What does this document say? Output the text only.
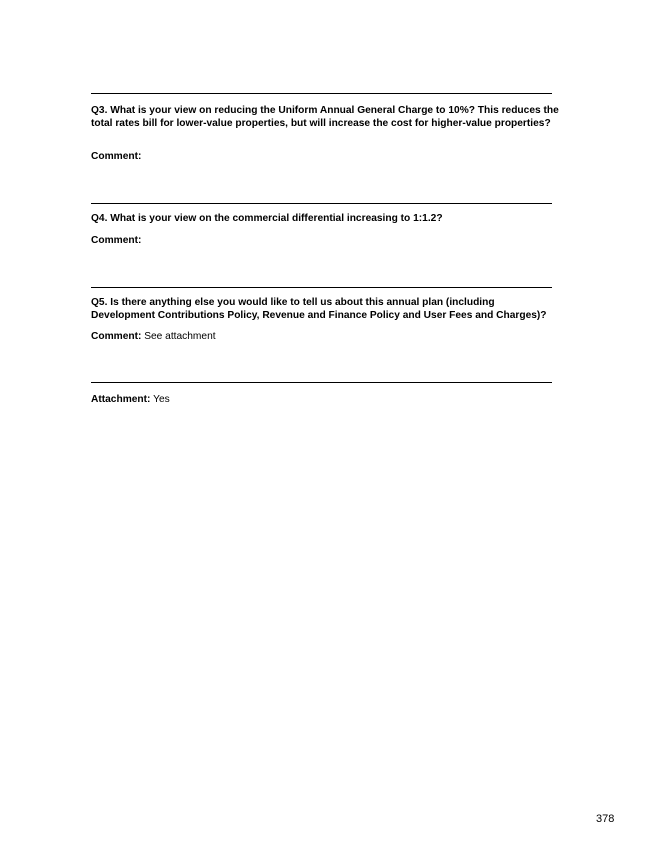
Q3. What is your view on reducing the Uniform Annual General Charge to 10%? This reduces the total rates bill for lower-value properties, but will increase the cost for higher-value properties?
Comment:
Q4. What is your view on the commercial differential increasing to 1:1.2?
Comment:
Q5. Is there anything else you would like to tell us about this annual plan (including Development Contributions Policy, Revenue and Finance Policy and User Fees and Charges)?
Comment: See attachment
Attachment: Yes
378
